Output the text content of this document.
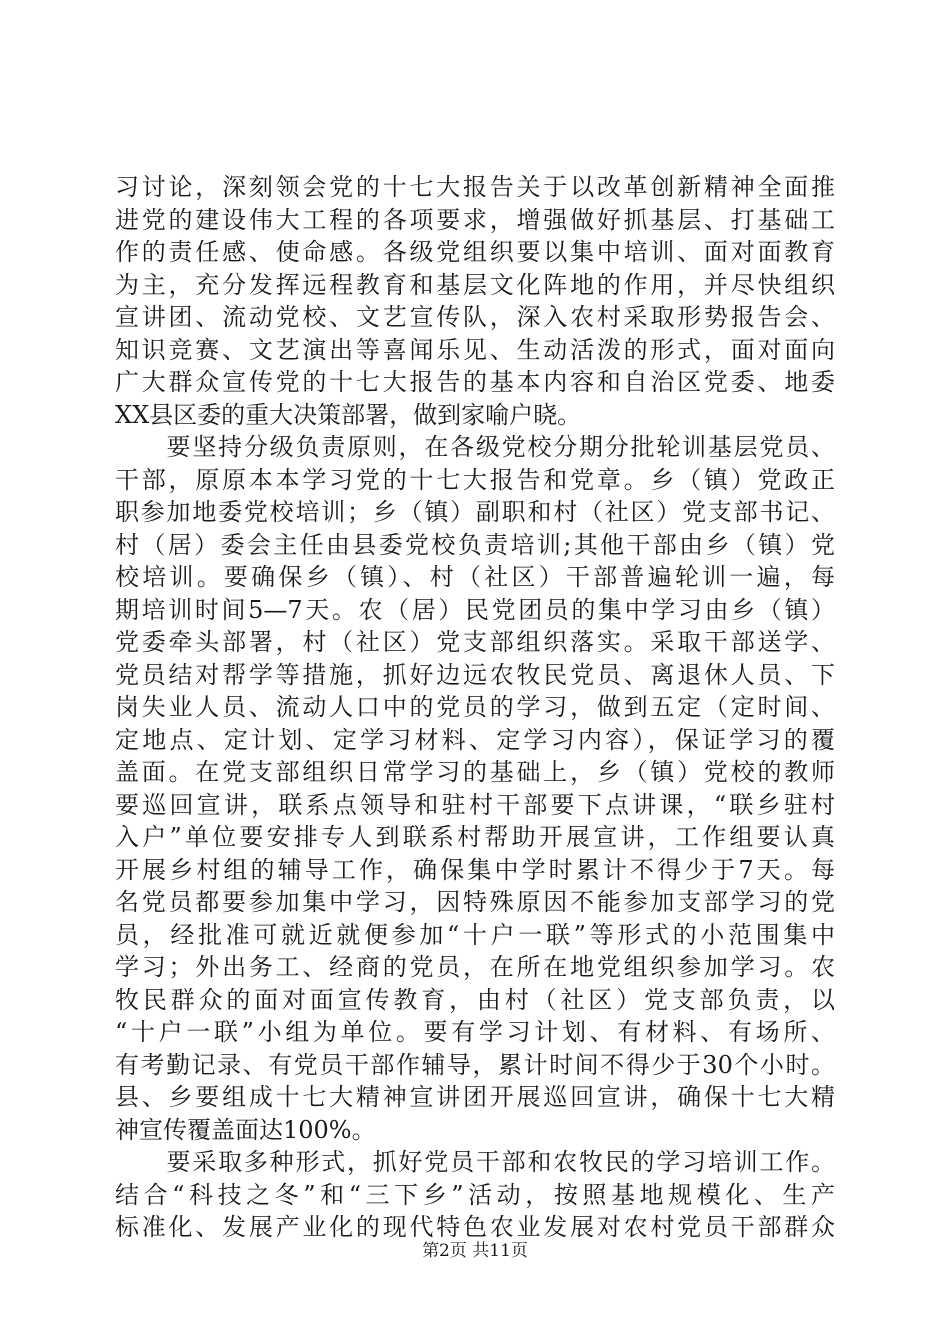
习讨论，深刻领会党的十七大报告关于以改革创新精神全面推
进党的建设伟大工程的各项要求，增强做好抓基层、打基础工
作的责任感、使命感。各级党组织要以集中培训、面对面教育
为主，充分发挥远程教育和基层文化阵地的作用，并尽快组织
宣讲团、流动党校、文艺宣传队，深入农村采取形势报告会、
知识竞赛、文艺演出等喜闻乐见、生动活泼的形式，面对面向
广大群众宣传党的十七大报告的基本内容和自治区党委、地委
XX县区委的重大决策部署，做到家喻户晓。
　　要坚持分级负责原则，在各级党校分期分批轮训基层党员、
干部，原原本本学习党的十七大报告和党章。乡（镇）党政正
职参加地委党校培训；乡（镇）副职和村（社区）党支部书记、
村（居）委会主任由县委党校负责培训;其他干部由乡（镇）党
校培训。要确保乡（镇）、村（社区）干部普遍轮训一遍，每
期培训时间5—7天。农（居）民党团员的集中学习由乡（镇）
党委牵头部署，村（社区）党支部组织落实。采取干部送学、
党员结对帮学等措施，抓好边远农牧民党员、离退休人员、下
岗失业人员、流动人口中的党员的学习，做到五定（定时间、
定地点、定计划、定学习材料、定学习内容），保证学习的覆
盖面。在党支部组织日常学习的基础上，乡（镇）党校的教师
要巡回宣讲，联系点领导和驻村干部要下点讲课，“联乡驻村
入户”单位要安排专人到联系村帮助开展宣讲，工作组要认真
开展乡村组的辅导工作，确保集中学时累计不得少于7天。每
名党员都要参加集中学习，因特殊原因不能参加支部学习的党
员，经批准可就近就便参加“十户一联”等形式的小范围集中
学习；外出务工、经商的党员，在所在地党组织参加学习。农
牧民群众的面对面宣传教育，由村（社区）党支部负责，以
“十户一联”小组为单位。要有学习计划、有材料、有场所、
有考勤记录、有党员干部作辅导，累计时间不得少于30个小时。
县、乡要组成十七大精神宣讲团开展巡回宣讲，确保十七大精
神宣传覆盖面达100%。
　　要采取多种形式，抓好党员干部和农牧民的学习培训工作。
结合“科技之冬”和“三下乡”活动，按照基地规模化、生产
标准化、发展产业化的现代特色农业发展对农村党员干部群众
第2页 共11页
